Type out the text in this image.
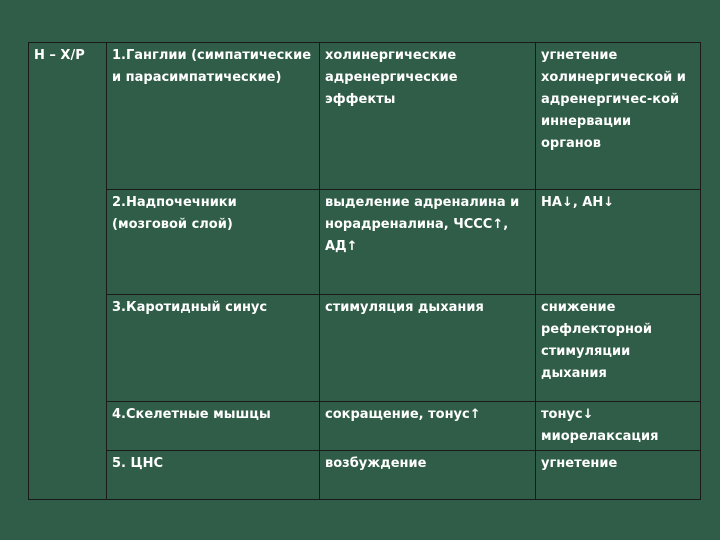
Н – Х/Р	1.Ганглии (симпатические и парасимпатические)	холинергические адренергические эффекты	угнетение холинергической и адренергичес-кой иннервации органов
	2.Надпочечники (мозговой слой)	выделение адреналина и норадреналина, ЧССС↑, АД↑	НА↓, АН↓
	3.Каротидный синус	стимуляция дыхания	снижение рефлекторной стимуляции дыхания
	4.Скелетные мышцы	сокращение, тонус↑	тонус↓ миорелаксация
	5. ЦНС	возбуждение	угнетение
